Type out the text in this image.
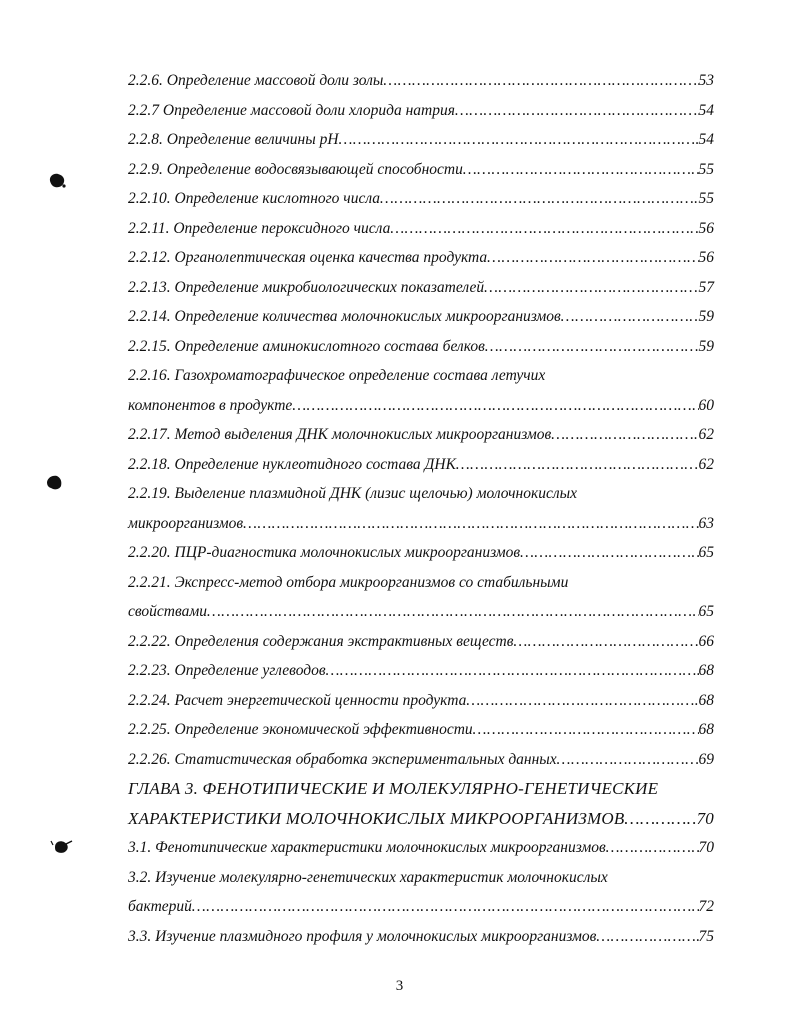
2.2.6. Определение массовой доли золы ………………………………………………………………………………………………………………………………………………	53
2.2.7 Определение массовой доли хлорида натрия ………………………………………………………………………………………………………………………………………………	54
2.2.8. Определение величины рН ………………………………………………………………………………………………………………………………………………	54
2.2.9. Определение водосвязывающей способности ………………………………………………………………………………………………………………………………………………	55
2.2.10. Определение кислотного числа ………………………………………………………………………………………………………………………………………………	55
2.2.11. Определение пероксидного числа ………………………………………………………………………………………………………………………………………………	56
2.2.12. Органолептическая оценка качества продукта ………………………………………………………………………………………………………………………………………………	56
2.2.13. Определение микробиологических показателей ………………………………………………………………………………………………………………………………………………	57
2.2.14. Определение количества молочнокислых микроорганизмов ………………………………………………………………………………………………………………………………………………	59
2.2.15. Определение аминокислотного состава белков ………………………………………………………………………………………………………………………………………………	59
2.2.16. Газохроматографическое определение состава летучих
компонентов в продукте ………………………………………………………………………………………………………………………………………………	60
2.2.17. Метод выделения ДНК молочнокислых микроорганизмов ………………………………………………………………………………………………………………………………………………	62
2.2.18. Определение нуклеотидного состава ДНК ………………………………………………………………………………………………………………………………………………	62
2.2.19. Выделение плазмидной ДНК (лизис щелочью) молочнокислых
микроорганизмов ………………………………………………………………………………………………………………………………………………	63
2.2.20. ПЦР-диагностика молочнокислых микроорганизмов ………………………………………………………………………………………………………………………………………………	65
2.2.21. Экспресс-метод отбора микроорганизмов со стабильными
свойствами ………………………………………………………………………………………………………………………………………………	65
2.2.22. Определения содержания экстрактивных веществ ………………………………………………………………………………………………………………………………………………	66
2.2.23. Определение углеводов ………………………………………………………………………………………………………………………………………………	68
2.2.24. Расчет энергетической ценности продукта ………………………………………………………………………………………………………………………………………………	68
2.2.25. Определение экономической эффективности ………………………………………………………………………………………………………………………………………………	68
2.2.26. Статистическая обработка экспериментальных данных ………………………………………………………………………………………………………………………………………………	69
ГЛАВА 3. ФЕНОТИПИЧЕСКИЕ И МОЛЕКУЛЯРНО-ГЕНЕТИЧЕСКИЕ
ХАРАКТЕРИСТИКИ МОЛОЧНОКИСЛЫХ МИКРООРГАНИЗМОВ ………………………………………………………………………………………………………………………………………………	70
3.1. Фенотипические характеристики молочнокислых микроорганизмов ………………………………………………………………………………………………………………………………………………	70
3.2. Изучение молекулярно-генетических характеристик молочнокислых
бактерий ………………………………………………………………………………………………………………………………………………	72
3.3. Изучение плазмидного профиля у молочнокислых микроорганизмов ………………………………………………………………………………………………………………………………………………	75
3
